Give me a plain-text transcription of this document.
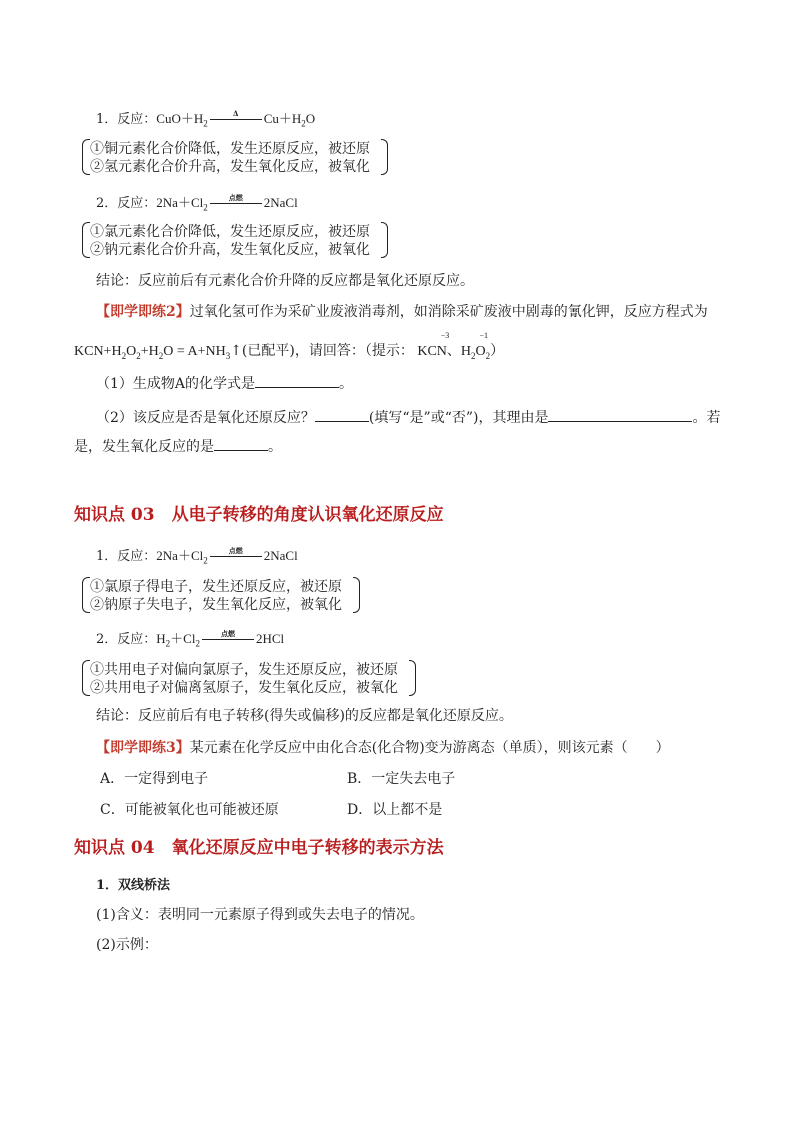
1．反应：$CuO+H_2$
Δ	$Cu+H_2O$
①铜元素化合价降低，发生还原反应，被还原
②氢元素化合价升高，发生氧化反应，被氧化
2．反应：$2Na+Cl_2$
点燃	2NaCl
①氯元素化合价降低，发生还原反应，被还原
②钠元素化合价升高，发生氧化反应，被氧化
结论：反应前后有元素化合价升降的反应都是氧化还原反应。
【即学即练2】过氧化氢可作为采矿业废液消毒剂，如消除采矿废液中剧毒的氰化钾，反应方程式为
$KCN+H_2O_2+H_2O$ = $A+NH_3↑$(已配平)，请回答：（提示： KC
−3
N、$H_2$
−1
$O_2$）
（1）生成物A的化学式是	。
（2）该反应是否是氧化还原反应？	(填写“是”或“否”)，其理由是	。若
是，发生氧化反应的是	。
知识点 03　从电子转移的角度认识氧化还原反应
1．反应：$2Na+Cl_2$
点燃	2NaCl
①氯原子得电子，发生还原反应，被还原
②钠原子失电子，发生氧化反应，被氧化
2．反应：$H_2+Cl_2$
点燃	2HCl
①共用电子对偏向氯原子，发生还原反应，被还原
②共用电子对偏离氢原子，发生氧化反应，被氧化
结论：反应前后有电子转移(得失或偏移)的反应都是氧化还原反应。
【即学即练3】某元素在化学反应中由化合态(化合物)变为游离态（单质），则该元素（　　）
A．一定得到电子	B．一定失去电子
C．可能被氧化也可能被还原	D．以上都不是
知识点 04　氧化还原反应中电子转移的表示方法
1．双线桥法
(1)含义：表明同一元素原子得到或失去电子的情况。
(2)示例：
